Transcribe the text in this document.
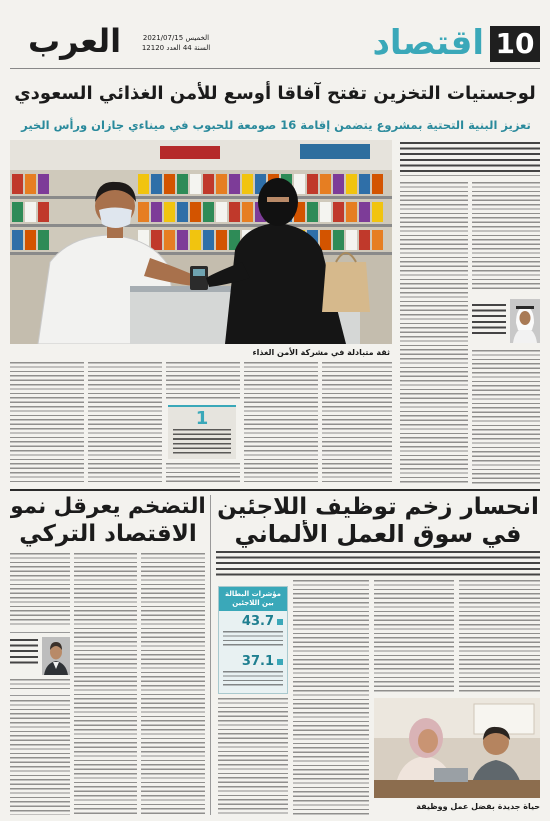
10
اقتصاد
الخميس 2021/07/15
السنة 44 العدد 12120
العرب
لوجستيات التخزين تفتح آفاقا أوسع للأمن الغذائي السعودي
تعزيز البنية التحتية بمشروع يتضمن إقامة 16 صومعة للحبوب في ميناءي جازان ورأس الخير
ثقة متبادلة في مشركة الأمن الغذاء
1
انحسار زخم توظيف اللاجئين
في سوق العمل الألماني
مؤشرات البطالة بين اللاجئين
43.7
37.1
حياة جديدة بفضل عمل ووظيفة
التضخم يعرقل نمو
الاقتصاد التركي
